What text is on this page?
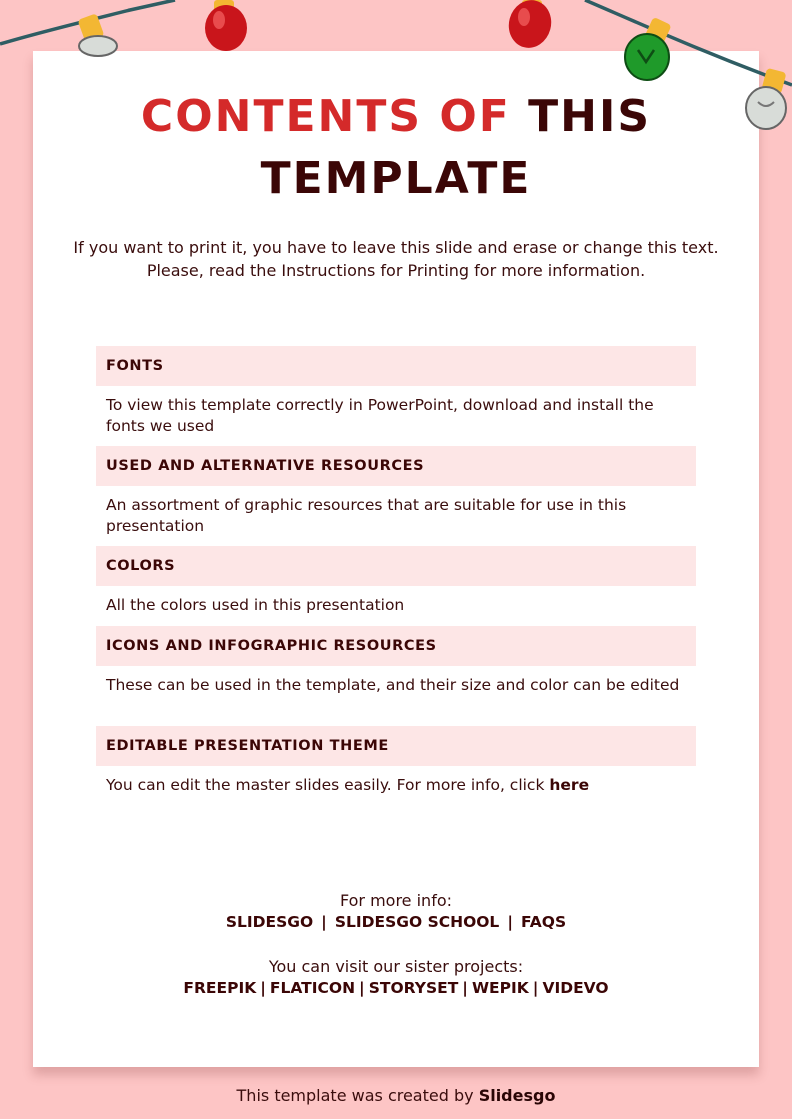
CONTENTS OF THIS
TEMPLATE

If you want to print it, you have to leave this slide and erase or change this text.
Please, read the Instructions for Printing for more information.

FONTS
To view this template correctly in PowerPoint, download and install the fonts we used
USED AND ALTERNATIVE RESOURCES
An assortment of graphic resources that are suitable for use in this presentation
COLORS
All the colors used in this presentation
ICONS AND INFOGRAPHIC RESOURCES
These can be used in the template, and their size and color can be edited
EDITABLE PRESENTATION THEME
You can edit the master slides easily. For more info, click here
For more info:
SLIDESGO | SLIDESGO SCHOOL | FAQS
You can visit our sister projects:
FREEPIK | FLATICON | STORYSET | WEPIK | VIDEVO
This template was created by Slidesgo
